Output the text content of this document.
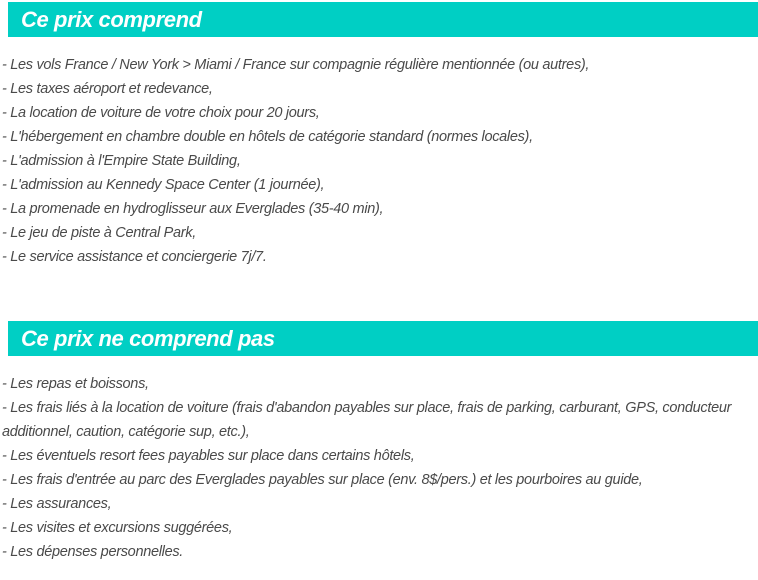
Ce prix comprend
- Les vols France / New York > Miami / France sur compagnie régulière mentionnée (ou autres),
- Les taxes aéroport et redevance,
- La location de voiture de votre choix pour 20 jours,
- L'hébergement en chambre double en hôtels de catégorie standard (normes locales),
- L'admission à l'Empire State Building,
- L'admission au Kennedy Space Center (1 journée),
- La promenade en hydroglisseur aux Everglades (35-40 min),
- Le jeu de piste à Central Park,
- Le service assistance et conciergerie 7j/7.
Ce prix ne comprend pas
- Les repas et boissons,
- Les frais liés à la location de voiture (frais d'abandon payables sur place, frais de parking, carburant, GPS, conducteur additionnel, caution, catégorie sup, etc.),
- Les éventuels resort fees payables sur place dans certains hôtels,
- Les frais d'entrée au parc des Everglades payables sur place (env. 8$/pers.) et les pourboires au guide,
- Les assurances,
- Les visites et excursions suggérées,
- Les dépenses personnelles.
